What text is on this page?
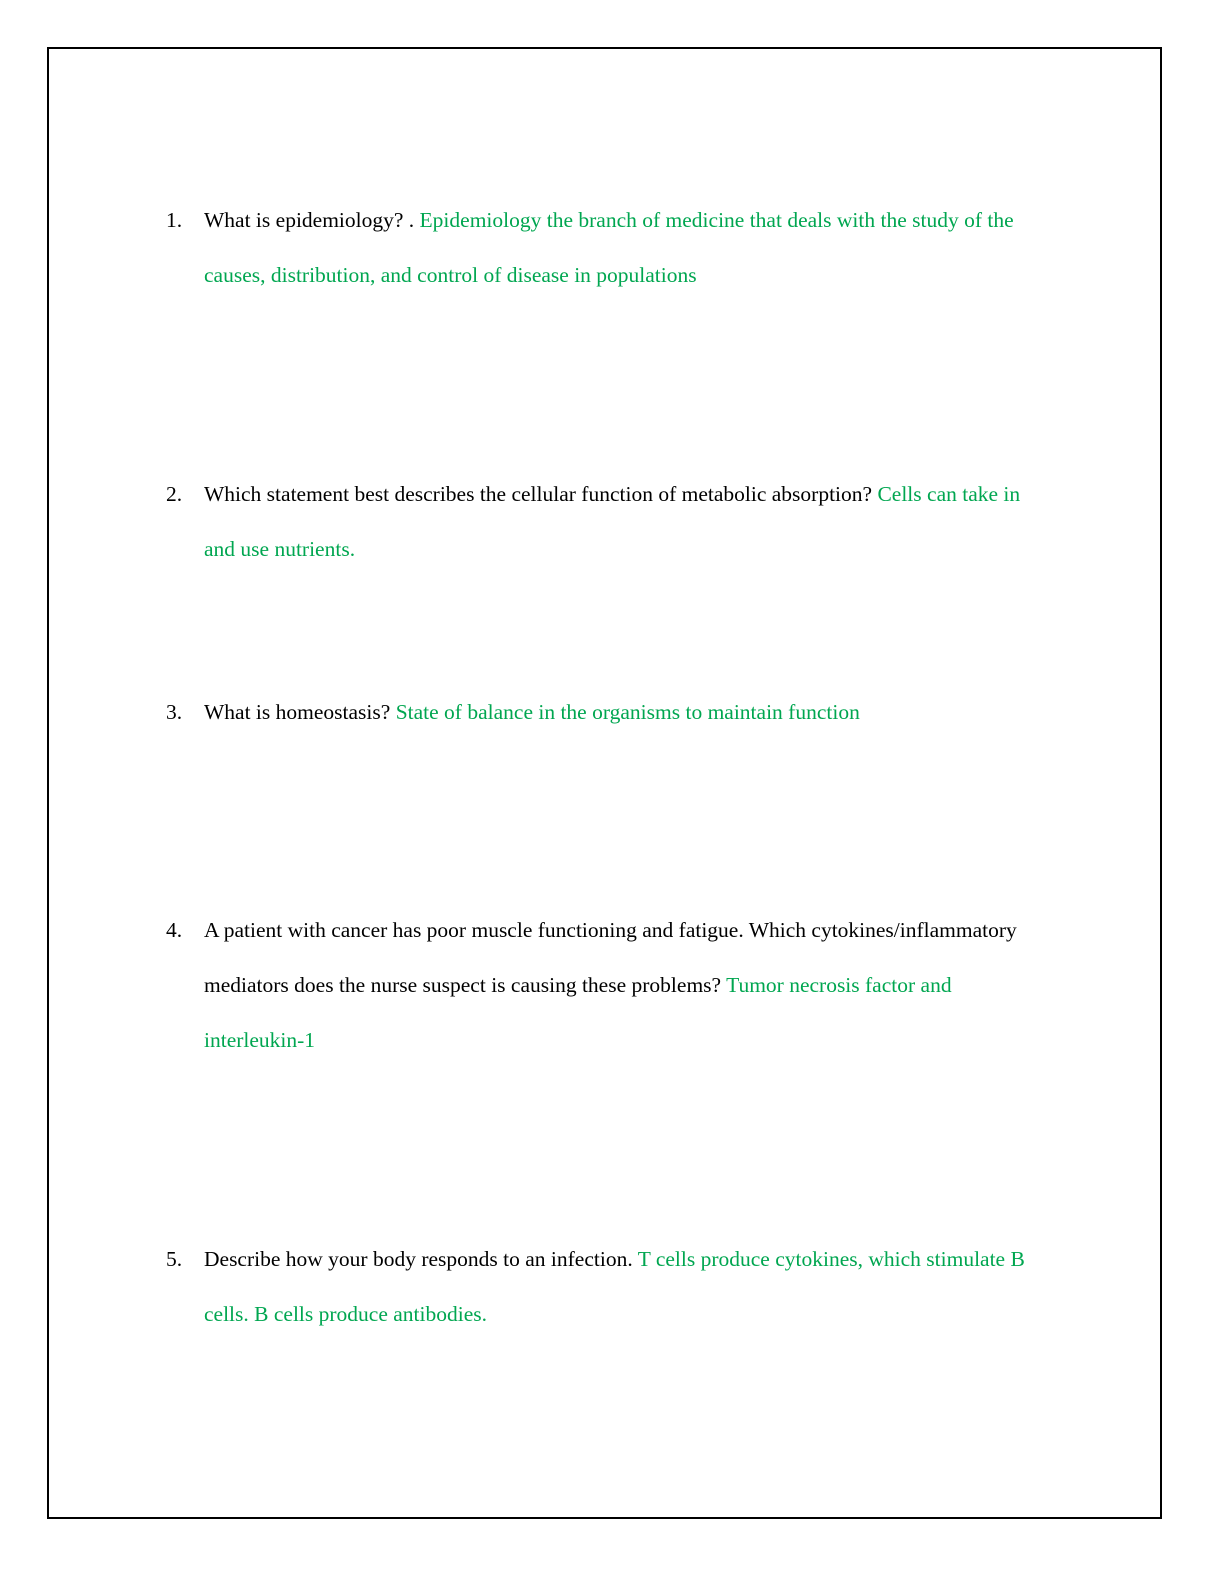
1.	What is epidemiology? . Epidemiology the branch of medicine that deals with the study of the causes, distribution, and control of disease in populations
2.	Which statement best describes the cellular function of metabolic absorption? Cells can take in and use nutrients.
3.	What is homeostasis? State of balance in the organisms to maintain function
4.	A patient with cancer has poor muscle functioning and fatigue. Which cytokines/inflammatory mediators does the nurse suspect is causing these problems? Tumor necrosis factor and interleukin-1
5.	Describe how your body responds to an infection. T cells produce cytokines, which stimulate B cells. B cells produce antibodies.
